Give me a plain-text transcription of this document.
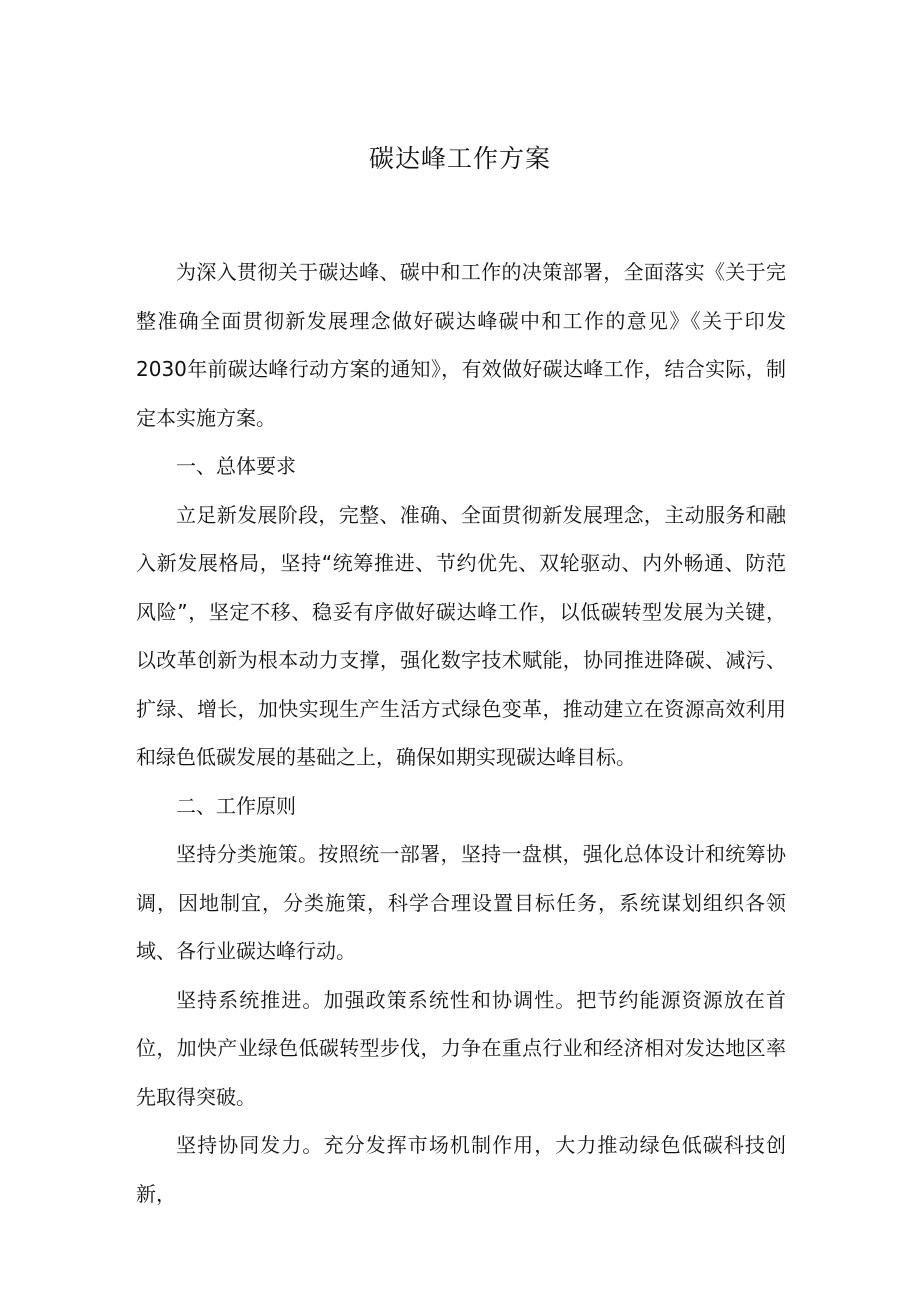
碳达峰工作方案

为深入贯彻关于碳达峰、碳中和工作的决策部署，全面落实《关于完整准确全面贯彻新发展理念做好碳达峰碳中和工作的意见》《关于印发2030年前碳达峰行动方案的通知》，有效做好碳达峰工作，结合实际，制定本实施方案。

一、总体要求

立足新发展阶段，完整、准确、全面贯彻新发展理念，主动服务和融入新发展格局，坚持“统筹推进、节约优先、双轮驱动、内外畅通、防范风险”，坚定不移、稳妥有序做好碳达峰工作，以低碳转型发展为关键，以改革创新为根本动力支撑，强化数字技术赋能，协同推进降碳、减污、扩绿、增长，加快实现生产生活方式绿色变革，推动建立在资源高效利用和绿色低碳发展的基础之上，确保如期实现碳达峰目标。

二、工作原则

坚持分类施策。按照统一部署，坚持一盘棋，强化总体设计和统筹协调，因地制宜，分类施策，科学合理设置目标任务，系统谋划组织各领域、各行业碳达峰行动。

坚持系统推进。加强政策系统性和协调性。把节约能源资源放在首位，加快产业绿色低碳转型步伐，力争在重点行业和经济相对发达地区率先取得突破。

坚持协同发力。充分发挥市场机制作用，大力推动绿色低碳科技创新，
